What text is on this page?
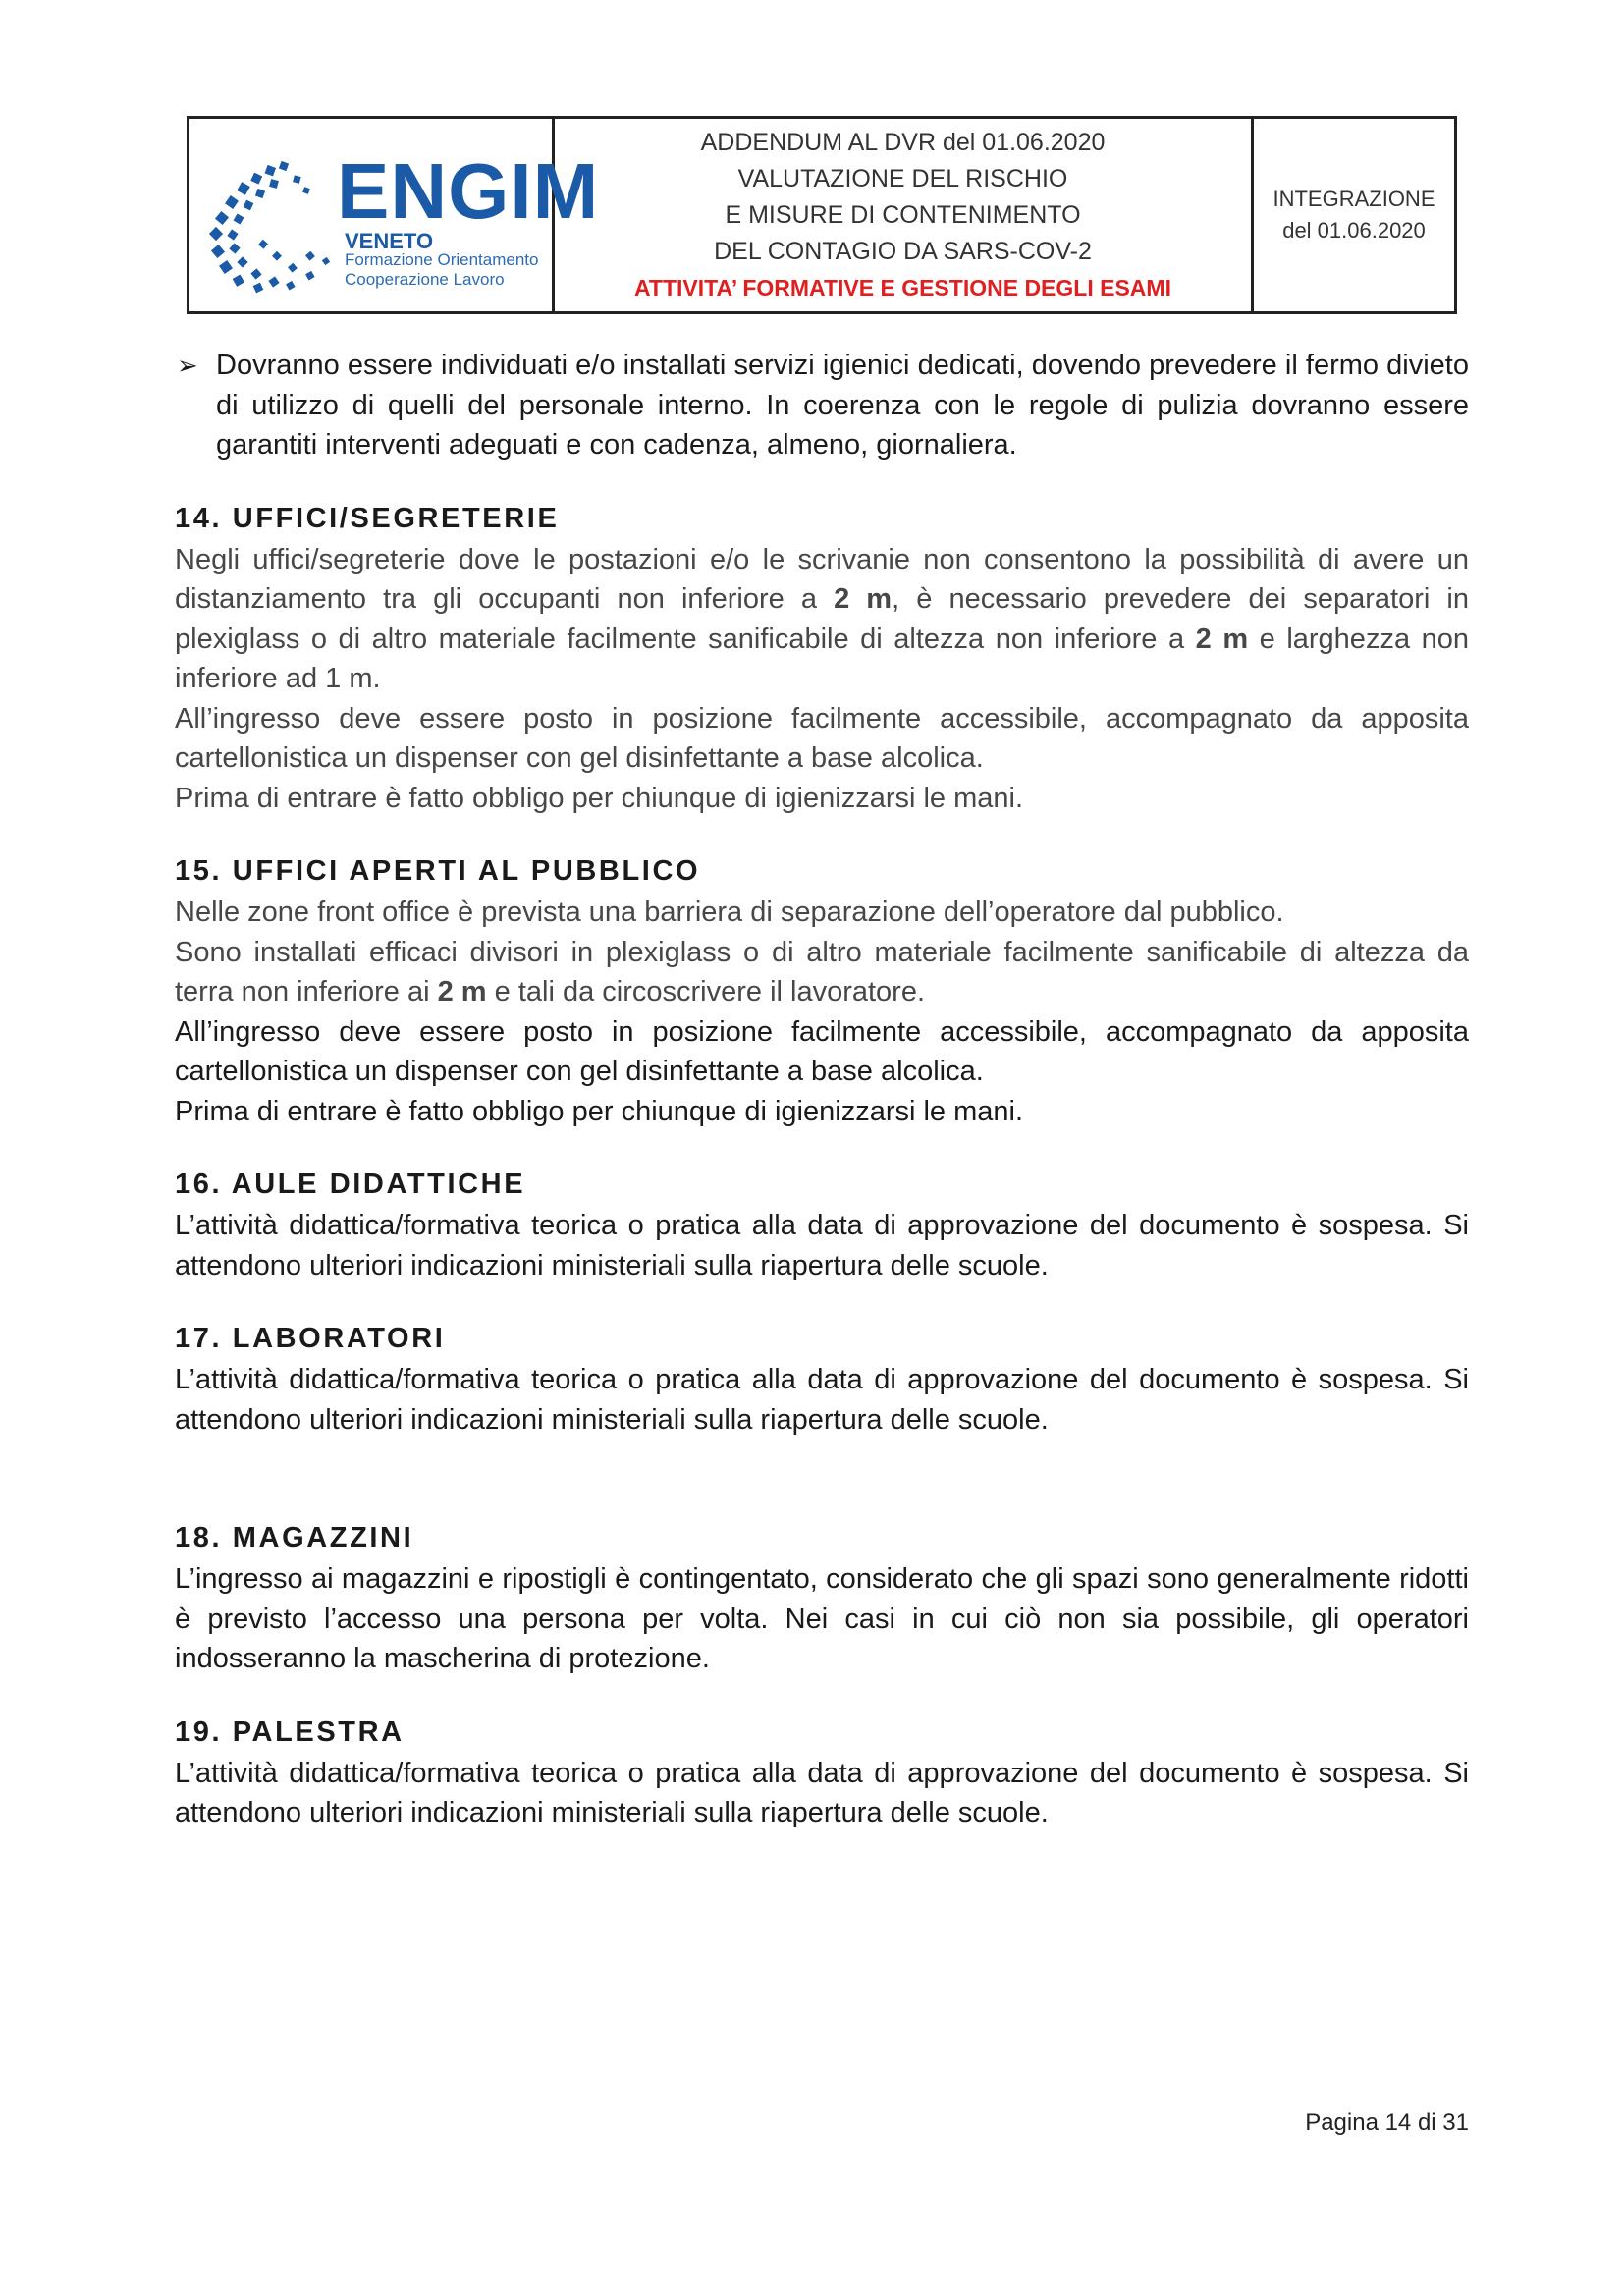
ENGIM
VENETO
Formazione Orientamento
Cooperazione Lavoro
ADDENDUM AL DVR del 01.06.2020
VALUTAZIONE DEL RISCHIO
E MISURE DI CONTENIMENTO
DEL CONTAGIO DA SARS-COV-2
ATTIVITA’ FORMATIVE E GESTIONE DEGLI ESAMI
INTEGRAZIONE
del 01.06.2020
➢ Dovranno essere individuati e/o installati servizi igienici dedicati, dovendo prevedere il fermo divieto di utilizzo di quelli del personale interno. In coerenza con le regole di pulizia dovranno essere garantiti interventi adeguati e con cadenza, almeno, giornaliera.
14. UFFICI/SEGRETERIE

Negli uffici/segreterie dove le postazioni e/o le scrivanie non consentono la possibilità di avere un distanziamento tra gli occupanti non inferiore a 2 m, è necessario prevedere dei separatori in plexiglass o di altro materiale facilmente sanificabile di altezza non inferiore a 2 m e larghezza non inferiore ad 1 m.

All’ingresso deve essere posto in posizione facilmente accessibile, accompagnato da apposita cartellonistica un dispenser con gel disinfettante a base alcolica.

Prima di entrare è fatto obbligo per chiunque di igienizzarsi le mani.

15. UFFICI APERTI AL PUBBLICO

Nelle zone front office è prevista una barriera di separazione dell’operatore dal pubblico.

Sono installati efficaci divisori in plexiglass o di altro materiale facilmente sanificabile di altezza da terra non inferiore ai 2 m e tali da circoscrivere il lavoratore.

All’ingresso deve essere posto in posizione facilmente accessibile, accompagnato da apposita cartellonistica un dispenser con gel disinfettante a base alcolica.

Prima di entrare è fatto obbligo per chiunque di igienizzarsi le mani.

16. AULE DIDATTICHE

L’attività didattica/formativa teorica o pratica alla data di approvazione del documento è sospesa. Si attendono ulteriori indicazioni ministeriali sulla riapertura delle scuole.

17. LABORATORI

L’attività didattica/formativa teorica o pratica alla data di approvazione del documento è sospesa. Si attendono ulteriori indicazioni ministeriali sulla riapertura delle scuole.

18. MAGAZZINI

L’ingresso ai magazzini e ripostigli è contingentato, considerato che gli spazi sono generalmente ridotti è previsto l’accesso una persona per volta. Nei casi in cui ciò non sia possibile, gli operatori indosseranno la mascherina di protezione.

19. PALESTRA

L’attività didattica/formativa teorica o pratica alla data di approvazione del documento è sospesa. Si attendono ulteriori indicazioni ministeriali sulla riapertura delle scuole.

Pagina 14 di 31
